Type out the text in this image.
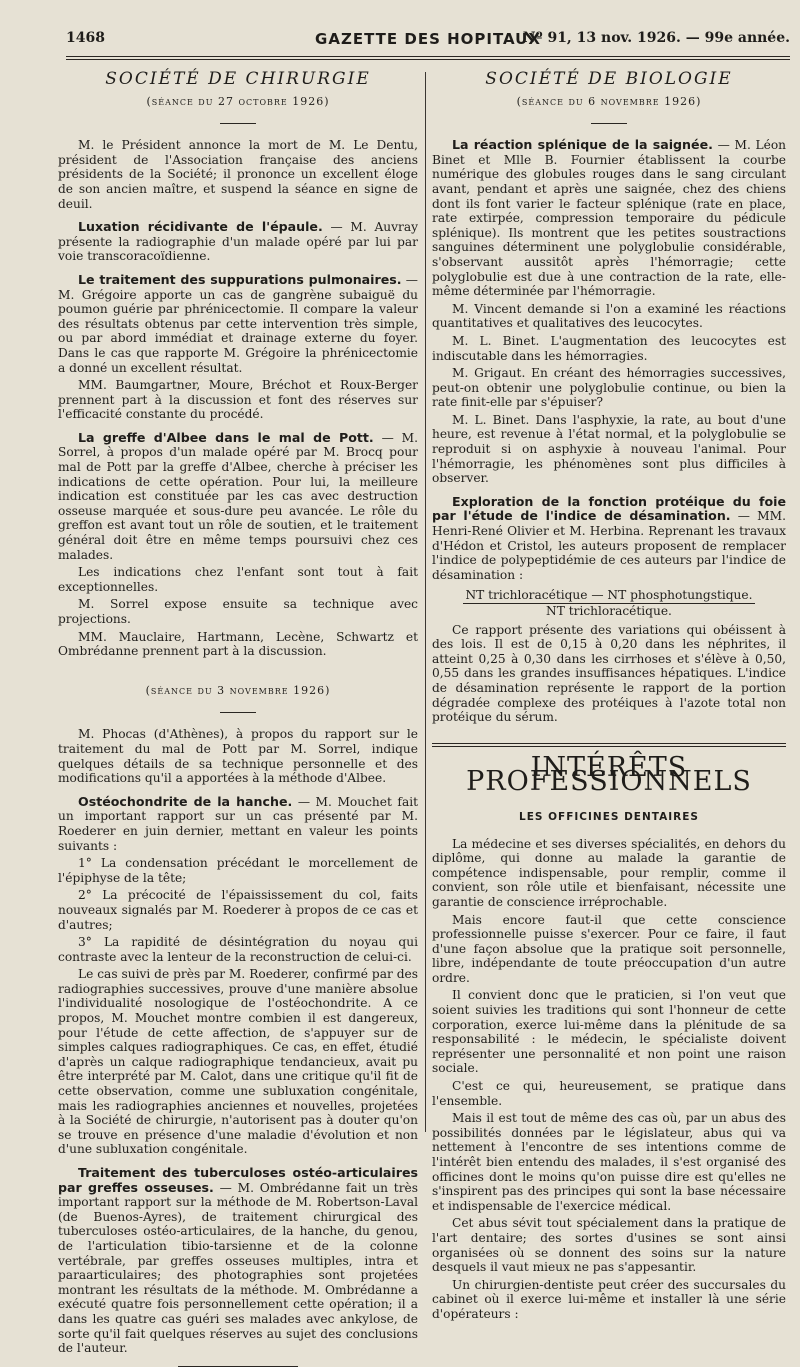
1468	GAZETTE DES HOPITAUX
Nº 91, 13 nov. 1926. — 99e année.
SOCIÉTÉ DE CHIRURGIE
(séance du 27 octobre 1926)
M. le Président annonce la mort de M. Le Dentu, président de l'Association française des anciens présidents de la Société; il prononce un excellent éloge de son ancien maître, et suspend la séance en signe de deuil.
Luxation récidivante de l'épaule. — M. Auvray présente la radiographie d'un malade opéré par lui par voie transcoracoïdienne.
Le traitement des suppurations pulmonaires. — M. Grégoire apporte un cas de gangrène subaiguë du poumon guérie par phrénicectomie. Il compare la valeur des résultats obtenus par cette intervention très simple, ou par abord immédiat et drainage externe du foyer. Dans le cas que rapporte M. Grégoire la phrénicectomie a donné un excellent résultat.
MM. Baumgartner, Moure, Bréchot et Roux-Berger prennent part à la discussion et font des réserves sur l'efficacité constante du procédé.
La greffe d'Albee dans le mal de Pott. — M. Sorrel, à propos d'un malade opéré par M. Brocq pour mal de Pott par la greffe d'Albee, cherche à préciser les indications de cette opération. Pour lui, la meilleure indication est constituée par les cas avec destruction osseuse marquée et sous-dure peu avancée. Le rôle du greffon est avant tout un rôle de soutien, et le traitement général doit être en même temps poursuivi chez ces malades.
Les indications chez l'enfant sont tout à fait exceptionnelles.
M. Sorrel expose ensuite sa technique avec projections.
MM. Mauclaire, Hartmann, Lecène, Schwartz et Ombrédanne prennent part à la discussion.
(séance du 3 novembre 1926)
M. Phocas (d'Athènes), à propos du rapport sur le traitement du mal de Pott par M. Sorrel, indique quelques détails de sa technique personnelle et des modifications qu'il a apportées à la méthode d'Albee.
Ostéochondrite de la hanche. — M. Mouchet fait un important rapport sur un cas présenté par M. Roederer en juin dernier, mettant en valeur les points suivants :
1° La condensation précédant le morcellement de l'épiphyse de la tête;
2° La précocité de l'épaississement du col, faits nouveaux signalés par M. Roederer à propos de ce cas et d'autres;
3° La rapidité de désintégration du noyau qui contraste avec la lenteur de la reconstruction de celui-ci.
Le cas suivi de près par M. Roederer, confirmé par des radiographies successives, prouve d'une manière absolue l'individualité nosologique de l'ostéochondrite. A ce propos, M. Mouchet montre combien il est dangereux, pour l'étude de cette affection, de s'appuyer sur de simples calques radiographiques. Ce cas, en effet, étudié d'après un calque radiographique tendancieux, avait pu être interprété par M. Calot, dans une critique qu'il fit de cette observation, comme une subluxation congénitale, mais les radiographies anciennes et nouvelles, projetées à la Société de chirurgie, n'autorisent pas à douter qu'on se trouve en présence d'une maladie d'évolution et non d'une subluxation congénitale.
Traitement des tuberculoses ostéo-articulaires par greffes osseuses. — M. Ombrédanne fait un très important rapport sur la méthode de M. Robertson-Laval (de Buenos-Ayres), de traitement chirurgical des tuberculoses ostéo-articulaires, de la hanche, du genou, de l'articulation tibio-tarsienne et de la colonne vertébrale, par greffes osseuses multiples, intra et paraarticulaires; des photographies sont projetées montrant les résultats de la méthode. M. Ombrédanne a exécuté quatre fois personnellement cette opération; il a dans les quatre cas guéri ses malades avec ankylose, de sorte qu'il fait quelques réserves au sujet des conclusions de l'auteur.
SOCIÉTÉ DE BIOLOGIE
(séance du 6 novembre 1926)
La réaction splénique de la saignée. — M. Léon Binet et Mlle B. Fournier établissent la courbe numérique des globules rouges dans le sang circulant avant, pendant et après une saignée, chez des chiens dont ils font varier le facteur splénique (rate en place, rate extirpée, compression temporaire du pédicule splénique). Ils montrent que les petites soustractions sanguines déterminent une polyglobulie considérable, s'observant aussitôt après l'hémorragie; cette polyglobulie est due à une contraction de la rate, elle-même déterminée par l'hémorragie.
M. Vincent demande si l'on a examiné les réactions quantitatives et qualitatives des leucocytes.
M. L. Binet. L'augmentation des leucocytes est indiscutable dans les hémorragies.
M. Grigaut. En créant des hémorragies successives, peut-on obtenir une polyglobulie continue, ou bien la rate finit-elle par s'épuiser?
M. L. Binet. Dans l'asphyxie, la rate, au bout d'une heure, est revenue à l'état normal, et la polyglobulie se reproduit si on asphyxie à nouveau l'animal. Pour l'hémorragie, les phénomènes sont plus difficiles à observer.
Exploration de la fonction protéique du foie par l'étude de l'indice de désamination. — MM. Henri-René Olivier et M. Herbina. Reprenant les travaux d'Hédon et Cristol, les auteurs proposent de remplacer l'indice de polypeptidémie de ces auteurs par l'indice de désamination :
$\frac{\text{NT trichloracétique — NT phosphotungstique.}}{\text{NT trichloracétique.}}$
Ce rapport présente des variations qui obéissent à des lois. Il est de 0,15 à 0,20 dans les néphrites, il atteint 0,25 à 0,30 dans les cirrhoses et s'élève à 0,50, 0,55 dans les grandes insuffisances hépatiques. L'indice de désamination représente le rapport de la portion dégradée complexe des protéiques à l'azote total non protéique du sérum.
INTÉRÊTS PROFESSIONNELS
LES OFFICINES DENTAIRES
La médecine et ses diverses spécialités, en dehors du diplôme, qui donne au malade la garantie de compétence indispensable, pour remplir, comme il convient, son rôle utile et bienfaisant, nécessite une garantie de conscience irréprochable.
Mais encore faut-il que cette conscience professionnelle puisse s'exercer. Pour ce faire, il faut d'une façon absolue que la pratique soit personnelle, libre, indépendante de toute préoccupation d'un autre ordre.
Il convient donc que le praticien, si l'on veut que soient suivies les traditions qui sont l'honneur de cette corporation, exerce lui-même dans la plénitude de sa responsabilité : le médecin, le spécialiste doivent représenter une personnalité et non point une raison sociale.
C'est ce qui, heureusement, se pratique dans l'ensemble.
Mais il est tout de même des cas où, par un abus des possibilités données par le législateur, abus qui va nettement à l'encontre de ses intentions comme de l'intérêt bien entendu des malades, il s'est organisé des officines dont le moins qu'on puisse dire est qu'elles ne s'inspirent pas des principes qui sont la base nécessaire et indispensable de l'exercice médical.
Cet abus sévit tout spécialement dans la pratique de l'art dentaire; des sortes d'usines se sont ainsi organisées où se donnent des soins sur la nature desquels il vaut mieux ne pas s'appesantir.
Un chirurgien-dentiste peut créer des succursales du cabinet où il exerce lui-même et installer là une série d'opérateurs :
